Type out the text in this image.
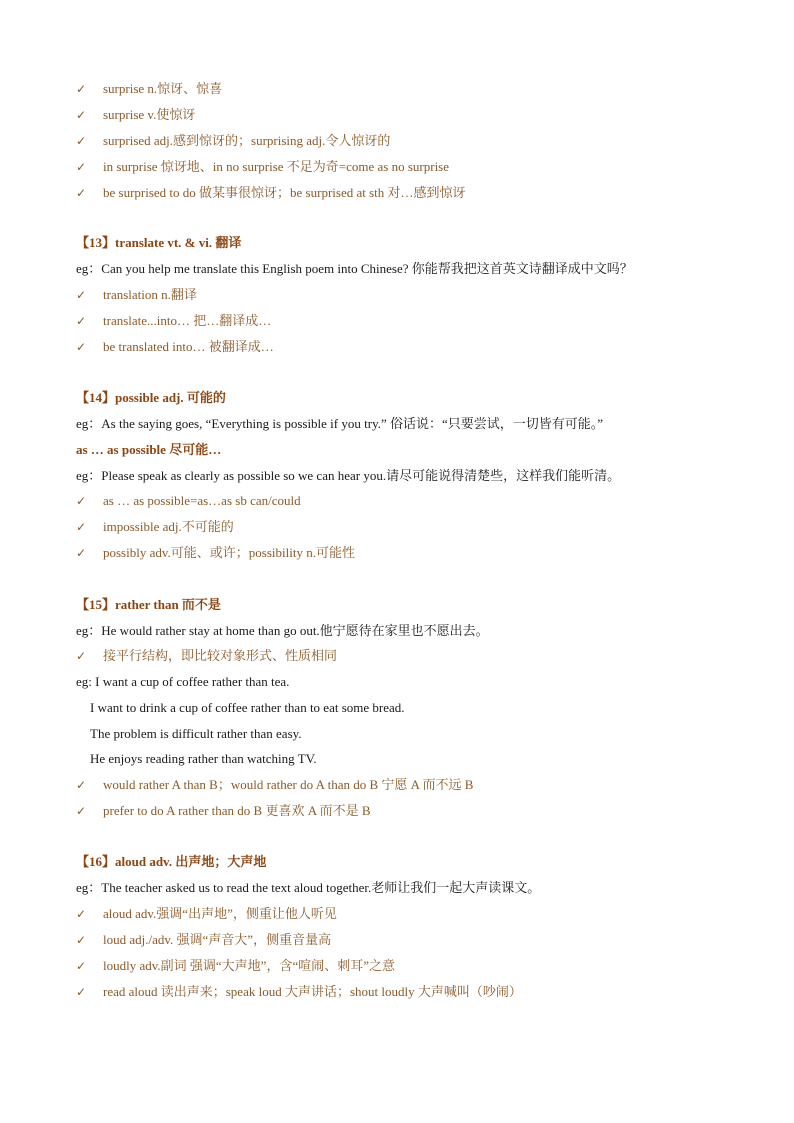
✓ surprise n.惊讶、惊喜
✓ surprise v.使惊讶
✓ surprised adj.感到惊讶的；surprising adj.令人惊讶的
✓ in surprise 惊讶地、in no surprise 不足为奇=come as no surprise
✓ be surprised to do 做某事很惊讶；be surprised at sth 对…感到惊讶
【13】translate vt. & vi. 翻译
eg：Can you help me translate this English poem into Chinese? 你能帮我把这首英文诗翻译成中文吗？
✓ translation n.翻译
✓ translate...into… 把…翻译成…
✓ be translated into… 被翻译成…
【14】possible adj. 可能的
eg：As the saying goes, “Everything is possible if you try.” 俗话说：“只要尝试，一切皆有可能。”
as … as possible 尽可能…
eg：Please speak as clearly as possible so we can hear you.请尽可能说得清楚些，这样我们能听清。
✓ as … as possible=as…as sb can/could
✓ impossible adj.不可能的
✓ possibly adv.可能、或许；possibility n.可能性
【15】rather than 而不是
eg：He would rather stay at home than go out.他宁愿待在家里也不愿出去。
✓ 接平行结构，即比较对象形式、性质相同
eg: I want a cup of coffee rather than tea.
I want to drink a cup of coffee rather than to eat some bread.
The problem is difficult rather than easy.
He enjoys reading rather than watching TV.
✓ would rather A than B；would rather do A than do B 宁愿 A 而不远 B
✓ prefer to do A rather than do B 更喜欢 A 而不是 B
【16】aloud adv. 出声地；大声地
eg：The teacher asked us to read the text aloud together.老师让我们一起大声读课文。
✓ aloud adv.强调“出声地”，侧重让他人听见
✓ loud adj./adv. 强调“声音大”，侧重音量高
✓ loudly adv.副词 强调“大声地”，含“喧闹、刺耳”之意
✓ read aloud 读出声来；speak loud 大声讲话；shout loudly 大声喊叫（吵闹）
